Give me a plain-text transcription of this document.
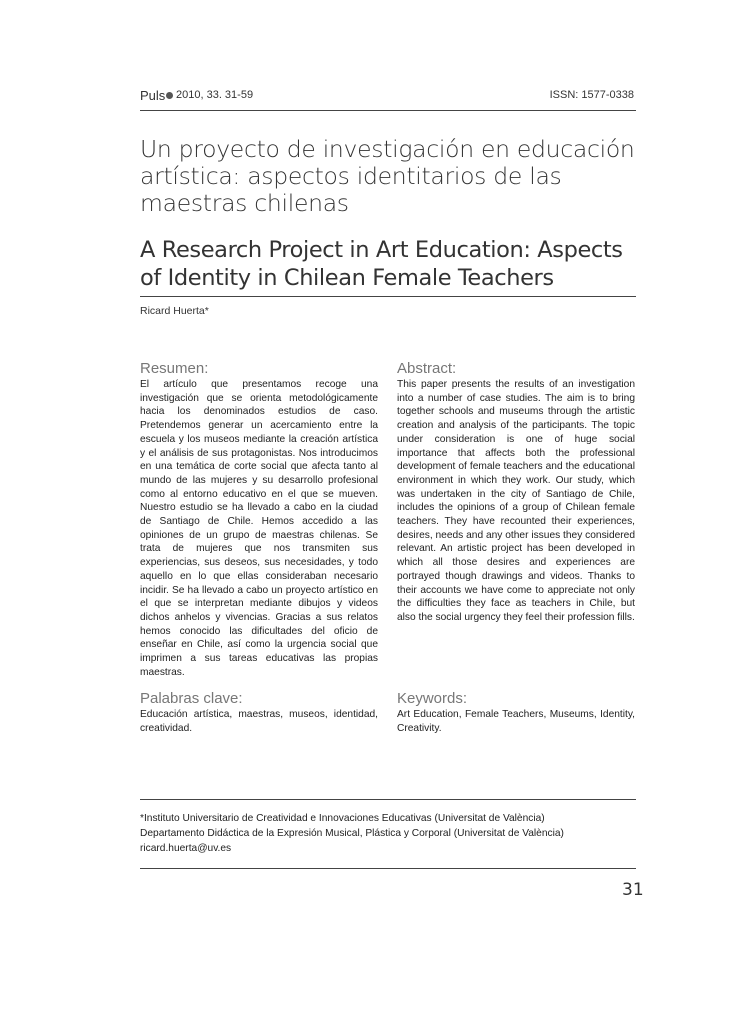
Puls 2010, 33. 31-59	ISSN: 1577-0338
Un proyecto de investigación en educación artística: aspectos identitarios de las maestras chilenas
A Research Project in Art Education: Aspects of Identity in Chilean Female Teachers
Ricard Huerta*

Resumen:

El artículo que presentamos recoge una investigación que se orienta metodológicamente hacia los denominados estudios de caso. Pretendemos generar un acercamiento entre la escuela y los museos mediante la creación artística y el análisis de sus protagonistas. Nos introducimos en una temática de corte social que afecta tanto al mundo de las mujeres y su desarrollo profesional como al entorno educativo en el que se mueven. Nuestro estudio se ha llevado a cabo en la ciudad de Santiago de Chile. Hemos accedido a las opiniones de un grupo de maestras chilenas. Se trata de mujeres que nos transmiten sus experiencias, sus deseos, sus necesidades, y todo aquello en lo que ellas consideraban necesario incidir. Se ha llevado a cabo un proyecto artístico en el que se interpretan mediante dibujos y videos dichos anhelos y vivencias. Gracias a sus relatos hemos conocido las dificultades del oficio de enseñar en Chile, así como la urgencia social que imprimen a sus tareas educativas las propias maestras.

Abstract:

This paper presents the results of an investigation into a number of case studies. The aim is to bring together schools and museums through the artistic creation and analysis of the participants. The topic under consideration is one of huge social importance that affects both the professional development of female teachers and the educational environment in which they work. Our study, which was undertaken in the city of Santiago de Chile, includes the opinions of a group of Chilean female teachers. They have recounted their experiences, desires, needs and any other issues they considered relevant. An artistic project has been developed in which all those desires and experiences are portrayed though drawings and videos. Thanks to their accounts we have come to appreciate not only the difficulties they face as teachers in Chile, but also the social urgency they feel their profession fills.

Palabras clave:

Educación artística, maestras, museos, identidad, creatividad.

Keywords:

Art Education, Female Teachers, Museums, Identity, Creativity.

*Instituto Universitario de Creatividad e Innovaciones Educativas (Universitat de València)
Departamento Didáctica de la Expresión Musical, Plástica y Corporal (Universitat de València)
ricard.huerta@uv.es
31
